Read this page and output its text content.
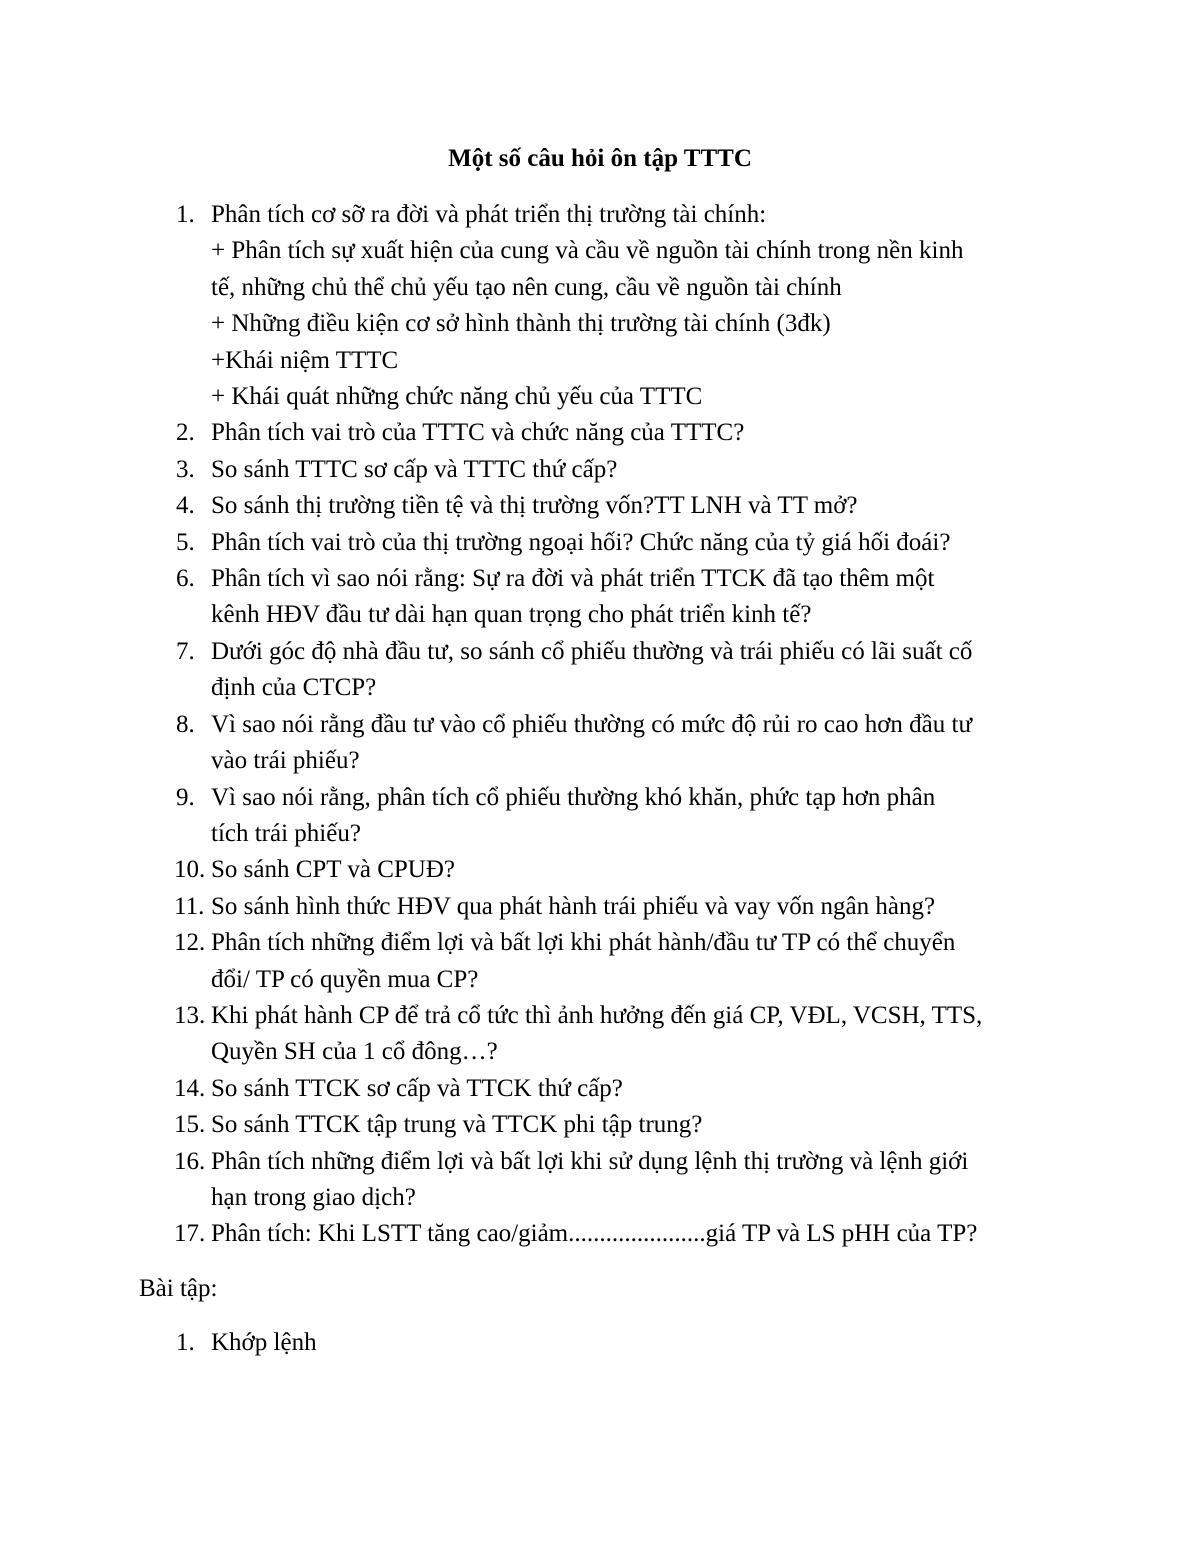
Một số câu hỏi ôn tập TTTC
1. Phân tích cơ sỡ ra đời và phát triển thị trường tài chính:
+ Phân tích sự xuất hiện của cung và cầu về nguồn tài chính trong nền kinh
tế, những chủ thể chủ yếu tạo nên cung, cầu về nguồn tài chính
+ Những điều kiện cơ sở hình thành thị trường tài chính (3đk)
+Khái niệm TTTC
+ Khái quát những chức năng chủ yếu của TTTC
2. Phân tích vai trò của TTTC và chức năng của TTTC?
3. So sánh TTTC sơ cấp và TTTC thứ cấp?
4. So sánh thị trường tiền tệ và thị trường vốn?TT LNH và TT mở?
5. Phân tích vai trò của thị trường ngoại hối? Chức năng của tỷ giá hối đoái?
6. Phân tích vì sao nói rằng: Sự ra đời và phát triển TTCK đã tạo thêm một
kênh HĐV đầu tư dài hạn quan trọng cho phát triển kinh tế?
7. Dưới góc độ nhà đầu tư, so sánh cổ phiếu thường và trái phiếu có lãi suất cố
định của CTCP?
8. Vì sao nói rằng đầu tư vào cổ phiếu thường có mức độ rủi ro cao hơn đầu tư
vào trái phiếu?
9. Vì sao nói rằng, phân tích cổ phiếu thường khó khăn, phức tạp hơn phân
tích trái phiếu?
10. So sánh CPT và CPUĐ?
11. So sánh hình thức HĐV qua phát hành trái phiếu và vay vốn ngân hàng?
12. Phân tích những điểm lợi và bất lợi khi phát hành/đầu tư TP có thể chuyển
đổi/ TP có quyền mua CP?
13. Khi phát hành CP để trả cổ tức thì ảnh hưởng đến giá CP, VĐL, VCSH, TTS,
Quyền SH của 1 cổ đông…?
14. So sánh TTCK sơ cấp và TTCK thứ cấp?
15. So sánh TTCK tập trung và TTCK phi tập trung?
16. Phân tích những điểm lợi và bất lợi khi sử dụng lệnh thị trường và lệnh giới
hạn trong giao dịch?
17. Phân tích: Khi LSTT tăng cao/giảm......................giá TP và LS pHH của TP?
Bài tập:
1. Khớp lệnh
